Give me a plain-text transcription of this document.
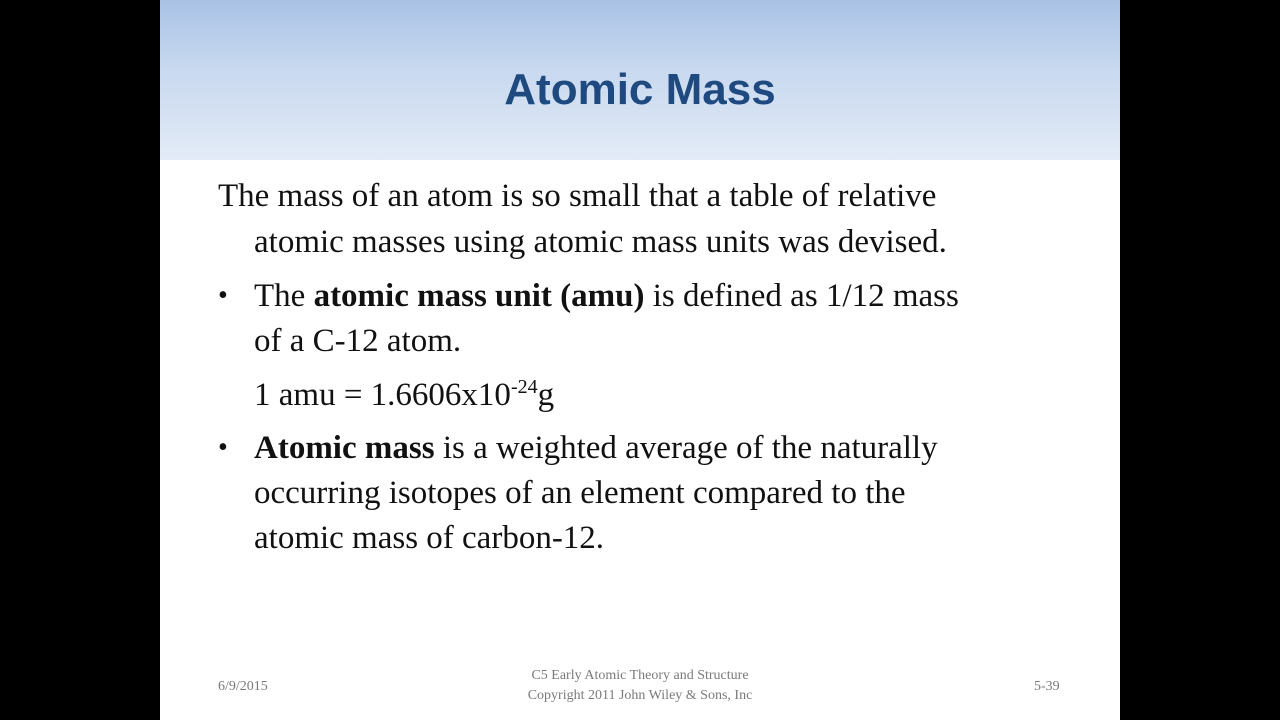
Atomic Mass
The mass of an atom is so small that a table of relative
atomic masses using atomic mass units was devised.
• The atomic mass unit (amu) is defined as 1/12 mass
of a C-12 atom.
1 amu = $1.6606x10^{-24}g$
• Atomic mass is a weighted average of the naturally
occurring isotopes of an element compared to the
atomic mass of carbon-12.
6/9/2015
C5 Early Atomic Theory and Structure
Copyright 2011 John Wiley & Sons, Inc
5-39
